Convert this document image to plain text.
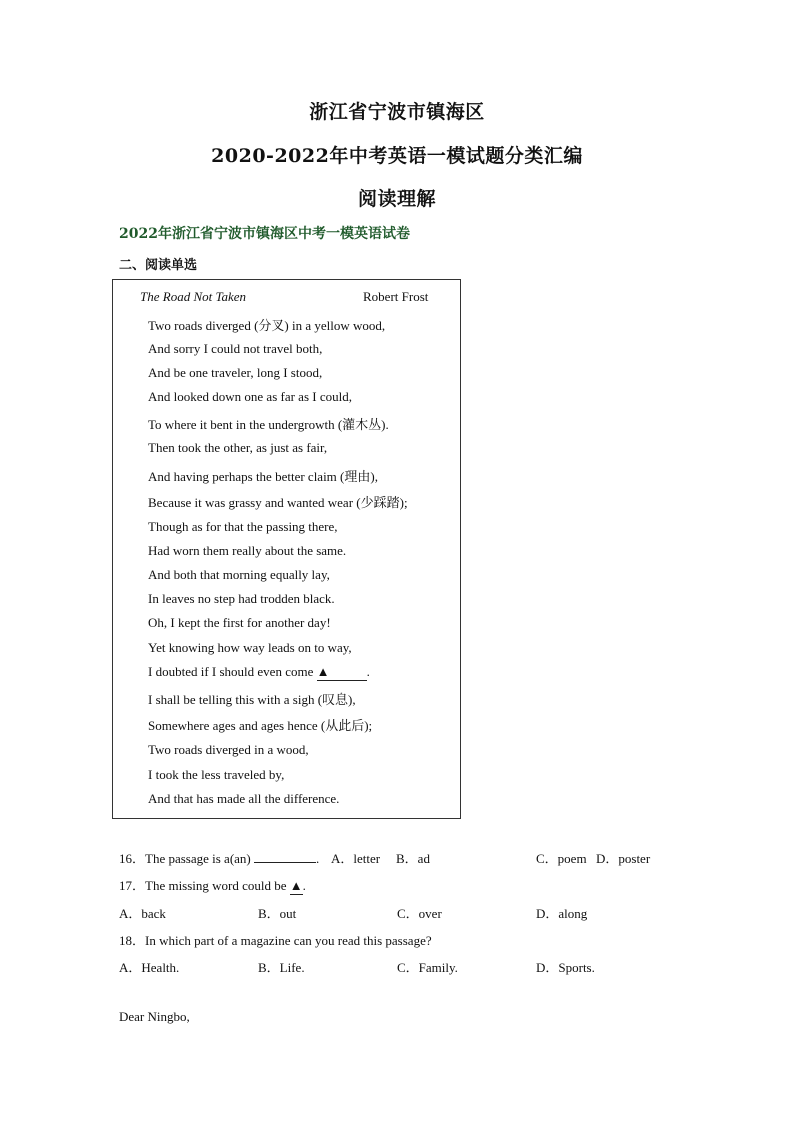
浙江省宁波市镇海区
2020-2022年中考英语一模试题分类汇编
阅读理解
2022年浙江省宁波市镇海区中考一模英语试卷
二、阅读单选
The Road Not Taken	Robert Frost
Two roads diverged (分叉) in a yellow wood,
And sorry I could not travel both,
And be one traveler, long I stood,
And looked down one as far as I could,
To where it bent in the undergrowth (灌木丛).
Then took the other, as just as fair,
And having perhaps the better claim (理由),
Because it was grassy and wanted wear (少踩踏);
Though as for that the passing there,
Had worn them really about the same.
And both that morning equally lay,
In leaves no step had trodden black.
Oh, I kept the first for another day!
Yet knowing how way leads on to way,
I doubted if I should even come ▲	.
I shall be telling this with a sigh (叹息),
Somewhere ages and ages hence (从此后);
Two roads diverged in a wood,
I took the less traveled by,
And that has made all the difference.
16．The passage is a(an)	. A．letter B．ad	C．poem D．poster
17．The missing word could be ▲.
A．back	B．out	C．over	D．along
18．In which part of a magazine can you read this passage?
A．Health.	B．Life.	C．Family.	D．Sports.
Dear Ningbo,
